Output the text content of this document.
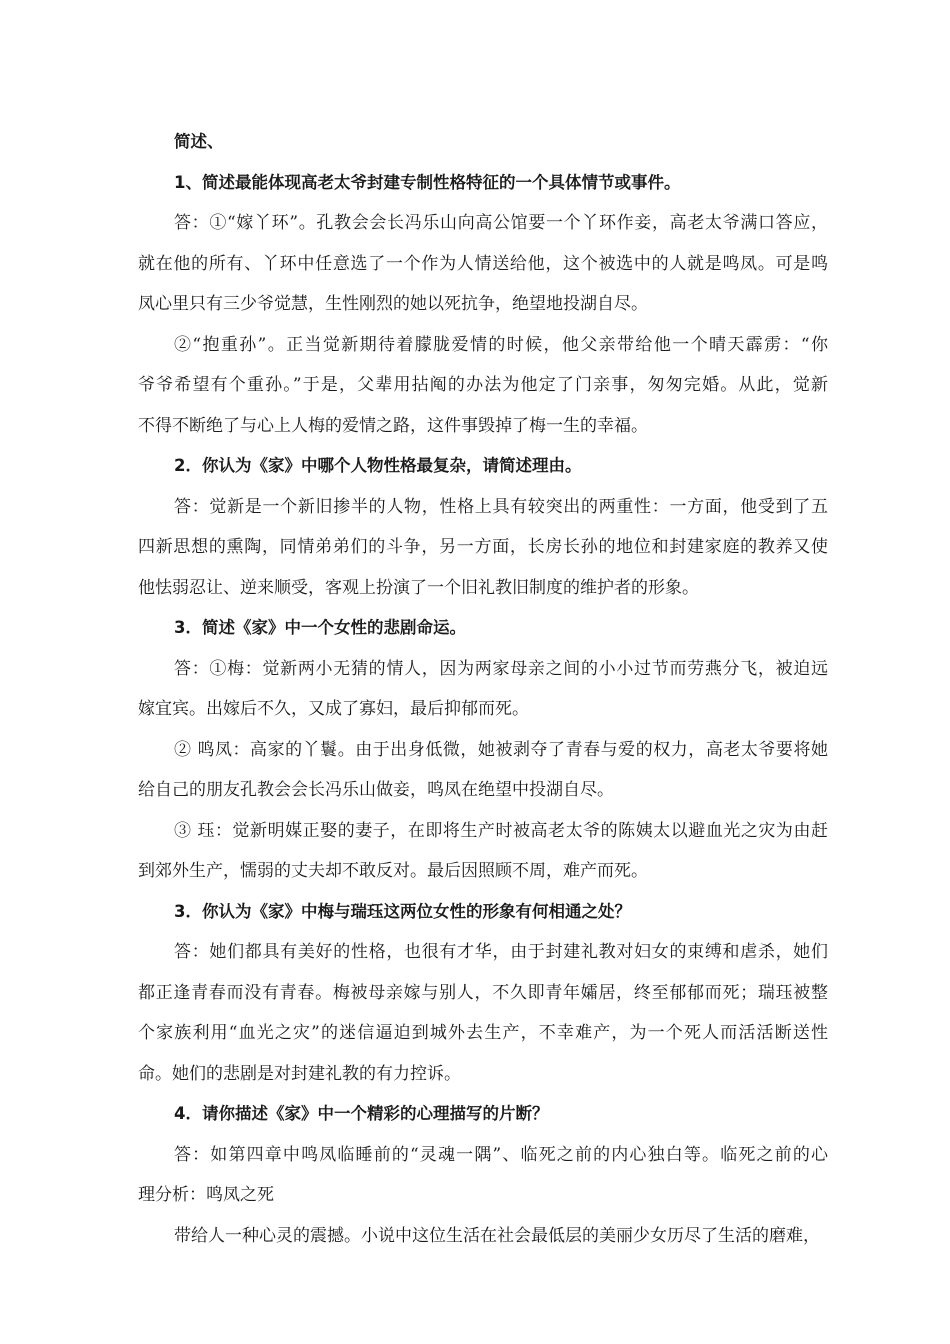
简述、
1、简述最能体现高老太爷封建专制性格特征的一个具体情节或事件。
答：①“嫁丫环”。孔教会会长冯乐山向高公馆要一个丫环作妾，高老太爷满口答应，
就在他的所有、丫环中任意选了一个作为人情送给他，这个被选中的人就是鸣凤。可是鸣
凤心里只有三少爷觉慧，生性刚烈的她以死抗争，绝望地投湖自尽。
②“抱重孙”。正当觉新期待着朦胧爱情的时候，他父亲带给他一个晴天霹雳：“你
爷爷希望有个重孙。”于是，父辈用拈阄的办法为他定了门亲事，匆匆完婚。从此，觉新
不得不断绝了与心上人梅的爱情之路，这件事毁掉了梅一生的幸福。
2．你认为《家》中哪个人物性格最复杂，请简述理由。
答：觉新是一个新旧掺半的人物，性格上具有较突出的两重性：一方面，他受到了五
四新思想的熏陶，同情弟弟们的斗争，另一方面，长房长孙的地位和封建家庭的教养又使
他怯弱忍让、逆来顺受，客观上扮演了一个旧礼教旧制度的维护者的形象。
3．简述《家》中一个女性的悲剧命运。
答：①梅：觉新两小无猜的情人，因为两家母亲之间的小小过节而劳燕分飞，被迫远
嫁宜宾。出嫁后不久，又成了寡妇，最后抑郁而死。
② 鸣凤：高家的丫鬟。由于出身低微，她被剥夺了青春与爱的权力，高老太爷要将她
给自己的朋友孔教会会长冯乐山做妾，鸣凤在绝望中投湖自尽。
③ 珏：觉新明媒正娶的妻子，在即将生产时被高老太爷的陈姨太以避血光之灾为由赶
到郊外生产，懦弱的丈夫却不敢反对。最后因照顾不周，难产而死。
3．你认为《家》中梅与瑞珏这两位女性的形象有何相通之处？
答：她们都具有美好的性格，也很有才华，由于封建礼教对妇女的束缚和虐杀，她们
都正逢青春而没有青春。梅被母亲嫁与别人，不久即青年孀居，终至郁郁而死；瑞珏被整
个家族利用“血光之灾”的迷信逼迫到城外去生产，不幸难产，为一个死人而活活断送性
命。她们的悲剧是对封建礼教的有力控诉。
4．请你描述《家》中一个精彩的心理描写的片断？
答：如第四章中鸣凤临睡前的“灵魂一隅”、临死之前的内心独白等。临死之前的心
理分析：鸣凤之死
带给人一种心灵的震撼。小说中这位生活在社会最低层的美丽少女历尽了生活的磨难，
